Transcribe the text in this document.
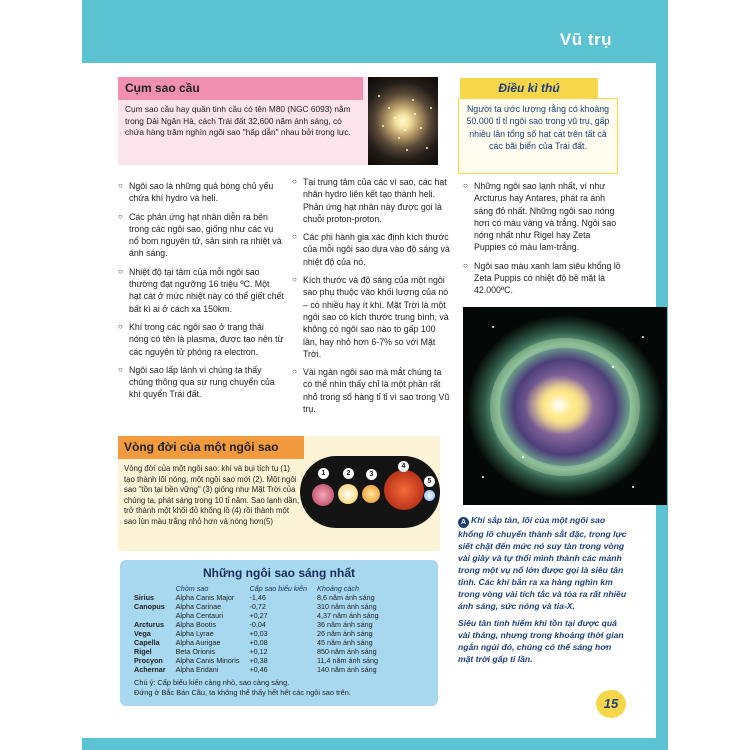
Vũ trụ
Cụm sao cầu
Cụm sao cầu hay quần tinh cầu có tên M80 (NGC 6093) nằm trong Dải Ngân Hà, cách Trái đất 32.600 năm ánh sáng, có chứa hàng trăm nghìn ngôi sao "hấp dẫn" nhau bởi trọng lực.

○ Ngôi sao là những quả bóng chủ yếu chứa khí hydro và heli.

○ Các phản ứng hạt nhân diễn ra bên trong các ngôi sao, giống như các vụ nổ bom nguyên tử, sản sinh ra nhiệt và ánh sáng.

○ Nhiệt độ tại tâm của mỗi ngôi sao thường đạt ngưỡng 16 triệu ºC. Một hạt cát ở mức nhiệt này có thể giết chết bất kì ai ở cách xa 150km.

○ Khí trong các ngôi sao ở trạng thái nóng có tên là plasma, được tạo nên từ các nguyên tử phóng ra electron.

○ Ngôi sao lấp lánh vì chúng ta thấy chúng thông qua sự rung chuyển của khí quyển Trái đất.

○ Tại trung tâm của các vì sao, các hạt nhân hydro liên kết tạo thành heli. Phản ứng hạt nhân này được gọi là chuỗi proton-proton.

○ Các phi hành gia xác định kích thước của mỗi ngôi sao dựa vào độ sáng và nhiệt độ của nó.

○ Kích thước và độ sáng của một ngôi sao phụ thuộc vào khối lượng của nó – có nhiều hay ít khí. Mặt Trời là một ngôi sao có kích thước trung bình, và không có ngôi sao nào to gấp 100 lần, hay nhỏ hơn 6-7% so với Mặt Trời.

○ Vài ngàn ngôi sao mà mắt chúng ta có thể nhìn thấy chỉ là một phần rất nhỏ trong số hàng tỉ tỉ vì sao trong Vũ trụ.

Điều kì thú
Người ta ước lượng rằng có khoảng 50.000 tỉ tỉ ngôi sao trong vũ trụ, gấp nhiều lần tổng số hạt cát trên tất cả các bãi biển của Trái đất.

○ Những ngôi sao lạnh nhất, ví như Arcturus hay Antares, phát ra ánh sáng đỏ nhất. Những ngôi sao nóng hơn có màu vàng và trắng. Ngôi sao nóng nhất như Rigel hay Zeta Puppies có màu lam-trắng.

○ Ngôi sao màu xanh lam siêu khổng lồ Zeta Puppis có nhiệt độ bề mặt là 42.000ºC.

A Khi sắp tàn, lõi của một ngôi sao khổng lồ chuyển thành sắt đặc, trọng lực siết chặt đến mức nó suy tàn trong vòng vài giây và tự thổi mình thành các mảnh trong một vụ nổ lớn được gọi là siêu tân tinh. Các khí bắn ra xa hàng nghìn km trong vòng vài tích tắc và tỏa ra rất nhiều ánh sáng, sức nóng và tia-X.

Siêu tân tinh hiếm khi tồn tại được quá vài tháng, nhưng trong khoảng thời gian ngắn ngủi đó, chúng có thể sáng hơn mặt trời gấp tỉ lần.

15
Vòng đời của một ngôi sao
Vòng đời của một ngôi sao: khí và bụi tích tụ (1) tạo thành lõi nóng, một ngôi sao mới (2). Một ngôi sao "tồn tại bền vững" (3) giống như Mặt Trời của chúng ta, phát sáng trong 10 tỉ năm. Sao lạnh dần, trở thành một khối đỏ khổng lồ (4) rồi thành một sao lùn màu trắng nhỏ hơn và nóng hơn(5)
1	2	3
4
5
Những ngôi sao sáng nhất
	Chòm sao	Cấp sao biểu kiến	Khoảng cách
Sirius	Alpha Canis Major	-1,46	8,6 năm ánh sáng
Canopus	Alpha Carinae	-0,72	310 năm ánh sáng
	Alpha Centauri	+0,27	4,37 năm ánh sáng
Arcturus	Alpha Bootis	-0,04	36 năm ánh sáng
Vega	Alpha Lyrae	+0,03	26 năm ánh sáng
Capella	Alpha Aurigae	+0,08	45 năm ánh sáng
Rigel	Beta Orionis	+0,12	850 năm ánh sáng
Procyon	Alpha Canis Minoris	+0,38	11,4 năm ánh sáng
Achernar	Alpha Eridani	+0,46	140 năm ánh sáng
Chú ý: Cấp biểu kiến càng nhỏ, sao càng sáng.
Đứng ở Bắc Bán Cầu, ta không thể thấy hết hết các ngôi sao trên.
